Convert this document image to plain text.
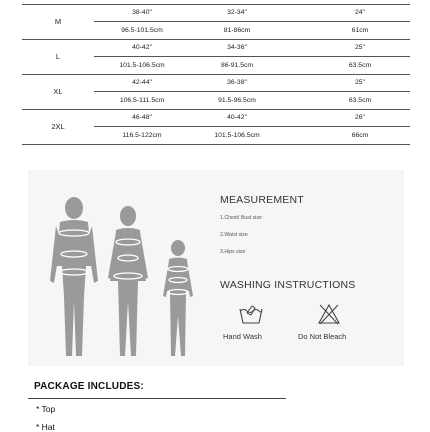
M
38-40"
96.5-101.5cm
32-34"
81-86cm
24"
61cm
L
40-42"
101.5-106.5cm
34-36"
86-91.5cm
25"
63.5cm
XL
42-44"
106.5-111.5cm
36-38"
91.5-96.5cm
25"
63.5cm
2XL
46-48"
116.5-122cm
40-42"
101.5-106.5cm
26"
66cm
MEASUREMENT
1.Chest/ Bust size
2.Waist size
3.Hips size
WASHING INSTRUCTIONS
Hand Wash	Do Not Bleach
PACKAGE INCLUDES:
* Top
* Hat
